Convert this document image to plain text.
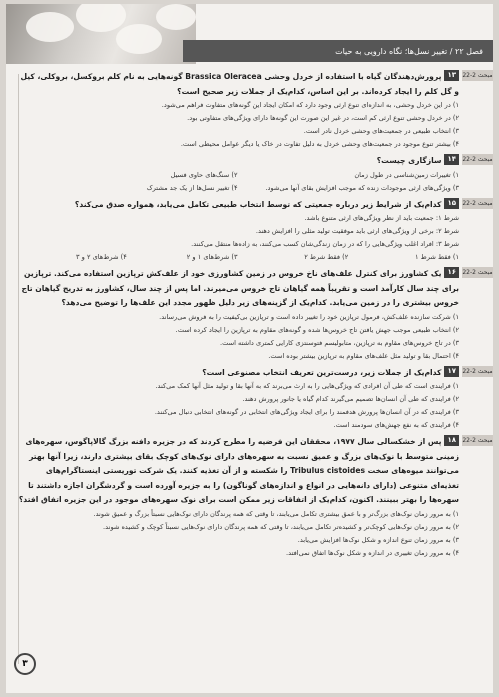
فصل ۲۲ / تغییر نسل‌ها؛ نگاه دارویی به حیات
22-2 مبحث
۱۳پرورش‌دهندگان گیاه با استفاده از خردل وحشی Brassica Oleracea گونه‌هایی به نام کلم بروکسل، بروکلی، کیل و گل کلم را ایجاد کرده‌اند. بر این اساس، کدام‌یک از جملات زیر صحیح است؟
۱) در این خردل وحشی، به اندازه‌ای تنوع ارثی وجود دارد که امکان ایجاد این گونه‌های متفاوت فراهم می‌شود.
۲) در خردل وحشی تنوع ارثی کم است، در غیر این صورت این گونه‌ها دارای ویژگی‌های متفاوتی بود.
۳) انتخاب طبیعی در جمعیت‌های وحشی خردل نادر است.
۴) بیشتر تنوع موجود در جمعیت‌های وحشی خردل به دلیل تفاوت در خاک یا دیگر عوامل محیطی است.
22-2 مبحث
۱۴سازگاری چیست؟
۱) تغییرات زمین‌شناسی در طول زمان
۲) سنگ‌های حاوی فسیل
۳) ویژگی‌های ارثی موجودات زنده که موجب افزایش بقای آنها می‌شود.
۴) تغییر نسل‌ها از یک جد مشترک
22-2 مبحث
۱۵کدام‌یک از شرایط زیر درباره جمعیتی که توسط انتخاب طبیعی تکامل می‌یابد، همواره صدق می‌کند؟
شرط ۱: جمعیت باید از نظر ویژگی‌های ارثی متنوع باشد.
شرط ۲: برخی از ویژگی‌های ارثی باید موفقیت تولید مثلی را افزایش دهند.
شرط ۳: افراد اغلب ویژگی‌هایی را که در زمان زندگی‌شان کسب می‌کنند، به زاده‌ها منتقل می‌کنند.
۱) فقط شرط ۱
۲) فقط شرط ۲
۳) شرط‌های ۱ و ۲
۴) شرط‌های ۲ و ۳
22-2 مبحث
۱۶یک کشاورز برای کنترل علف‌های ناخ خروس در زمین کشاورزی خود از علف‌کش ترپازین استفاده می‌کند. ترپازین برای چند سال کارآمد است و تقریباً همه گیاهان تاج خروس می‌میرند. اما پس از چند سال، کشاورز به تدریج گیاهان تاج خروس بیشتری را در زمین می‌یابد. کدام‌یک از گزینه‌های زیر دلیل ظهور مجدد این علف‌ها را توضیح می‌دهد؟
۱) شرکت سازنده علف‌کش، فرمول ترپازین خود را تغییر داده است و ترپازین بی‌کیفیت را به فروش می‌رساند.
۲) انتخاب طبیعی موجب جهش یافتن تاج خروس‌ها شده و گونه‌های مقاوم به ترپازین را ایجاد کرده است.
۳) در تاج خروس‌های مقاوم به ترپازین، متابولیسم فتوسنتزی کارایی کمتری داشته است.
۴) احتمال بقا و تولید مثل علف‌های مقاوم به ترپازین بیشتر بوده است.
22-2 مبحث
۱۷کدام‌یک از جملات زیر، درست‌ترین تعریف انتخاب مصنوعی است؟
۱) فرایندی است که طی آن افرادی که ویژگی‌هایی را به ارث می‌برند که به آنها بقا و تولید مثل آنها کمک می‌کند.
۲) فرایندی که طی آن انسان‌ها تصمیم می‌گیرند کدام گیاه یا جانور پرورش دهند.
۳) فرایندی که در آن انسان‌ها پرورش هدفمند را برای ایجاد ویژگی‌های انتخابی در گونه‌های انتخابی دنبال می‌کنند.
۴) فرایندی که به نفع جهش‌های سودمند است.
22-2 مبحث
۱۸پس از خشکسالی سال ۱۹۷۷، محققان این فرضیه را مطرح کردند که در جزیره دافنه بزرگ گالاپاگوس، سهره‌های زمینی متوسط با نوک‌های بزرگ و عمیق نسبت به سهره‌های دارای نوک‌های کوچک بقای بیشتری دارند، زیرا آنها بهتر می‌توانند میوه‌های سخت Tribulus cistoides را شکسته و از آن تغذیه کنند. یک شرکت توریستی اینستاگرام‌های تغذیه‌ای متنوعی (دارای دانه‌هایی در انواع و اندازه‌های گوناگون) را به جزیره آورده است و گردشگران اجازه داشتند تا سهره‌ها را بهتر ببینند. اکنون، کدام‌یک از اتفاقات زیر ممکن است برای نوک سهره‌های موجود در این جزیره اتفاق افتد؟
۱) به مرور زمان نوک‌های بزرگ‌تر و با عمق بیشتری تکامل می‌یابند، تا وقتی که همه پرندگان دارای نوک‌هایی نسبتاً بزرگ و عمیق شوند.
۲) به مرور زمان نوک‌هایی کوچک‌تر و کشیده‌تر تکامل می‌یابند، تا وقتی که همه پرندگان دارای نوک‌هایی نسبتاً کوچک و کشیده شوند.
۳) به مرور زمان تنوع اندازه و شکل نوک‌ها افزایش می‌یابد.
۴) به مرور زمان تغییری در اندازه و شکل نوک‌ها اتفاق نمی‌افتد.
۳
